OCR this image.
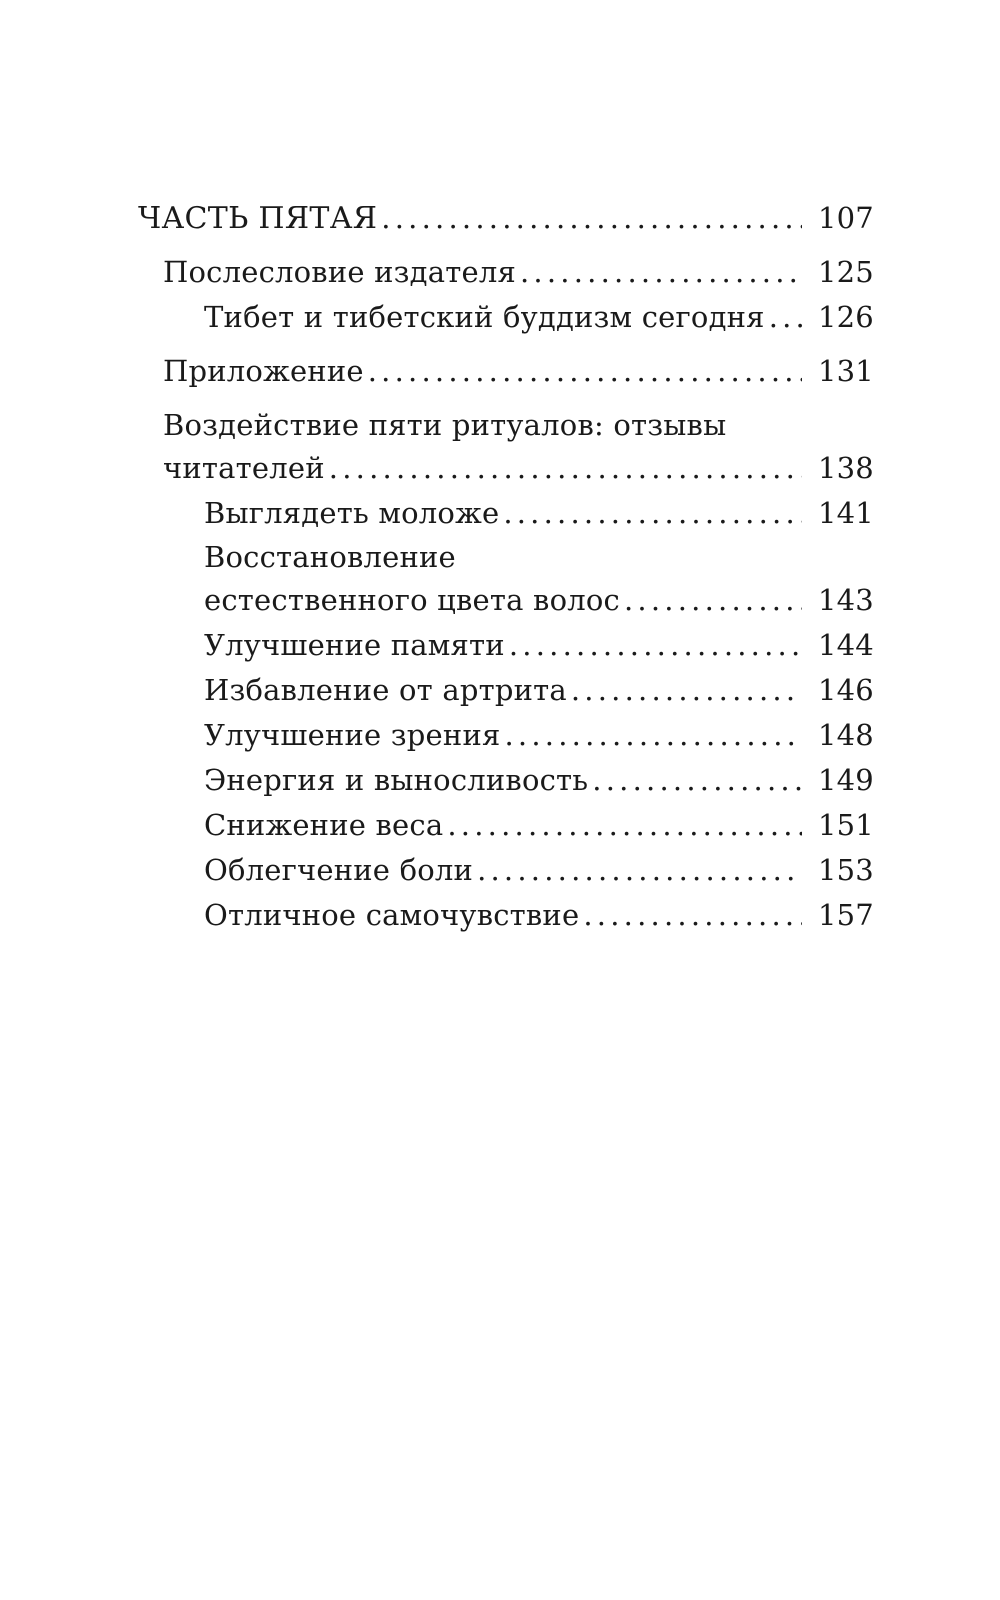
ЧАСТЬ ПЯТАЯ . . .	107
Послесловие издателя . . .	125
Тибет и тибетский буддизм сегодня . . . 126
Приложение . . .	131
Воздействие пяти ритуалов: отзывы
читателей . . .	138
Выглядеть моложе . . .	141
Восстановление
естественного цвета волос . . .	143
Улучшение памяти . . .	144
Избавление от артрита . . .	146
Улучшение зрения . . .	148
Энергия и выносливость . . .	149
Снижение веса . . .	151
Облегчение боли . . .	153
Отличное самочувствие . . .	157
